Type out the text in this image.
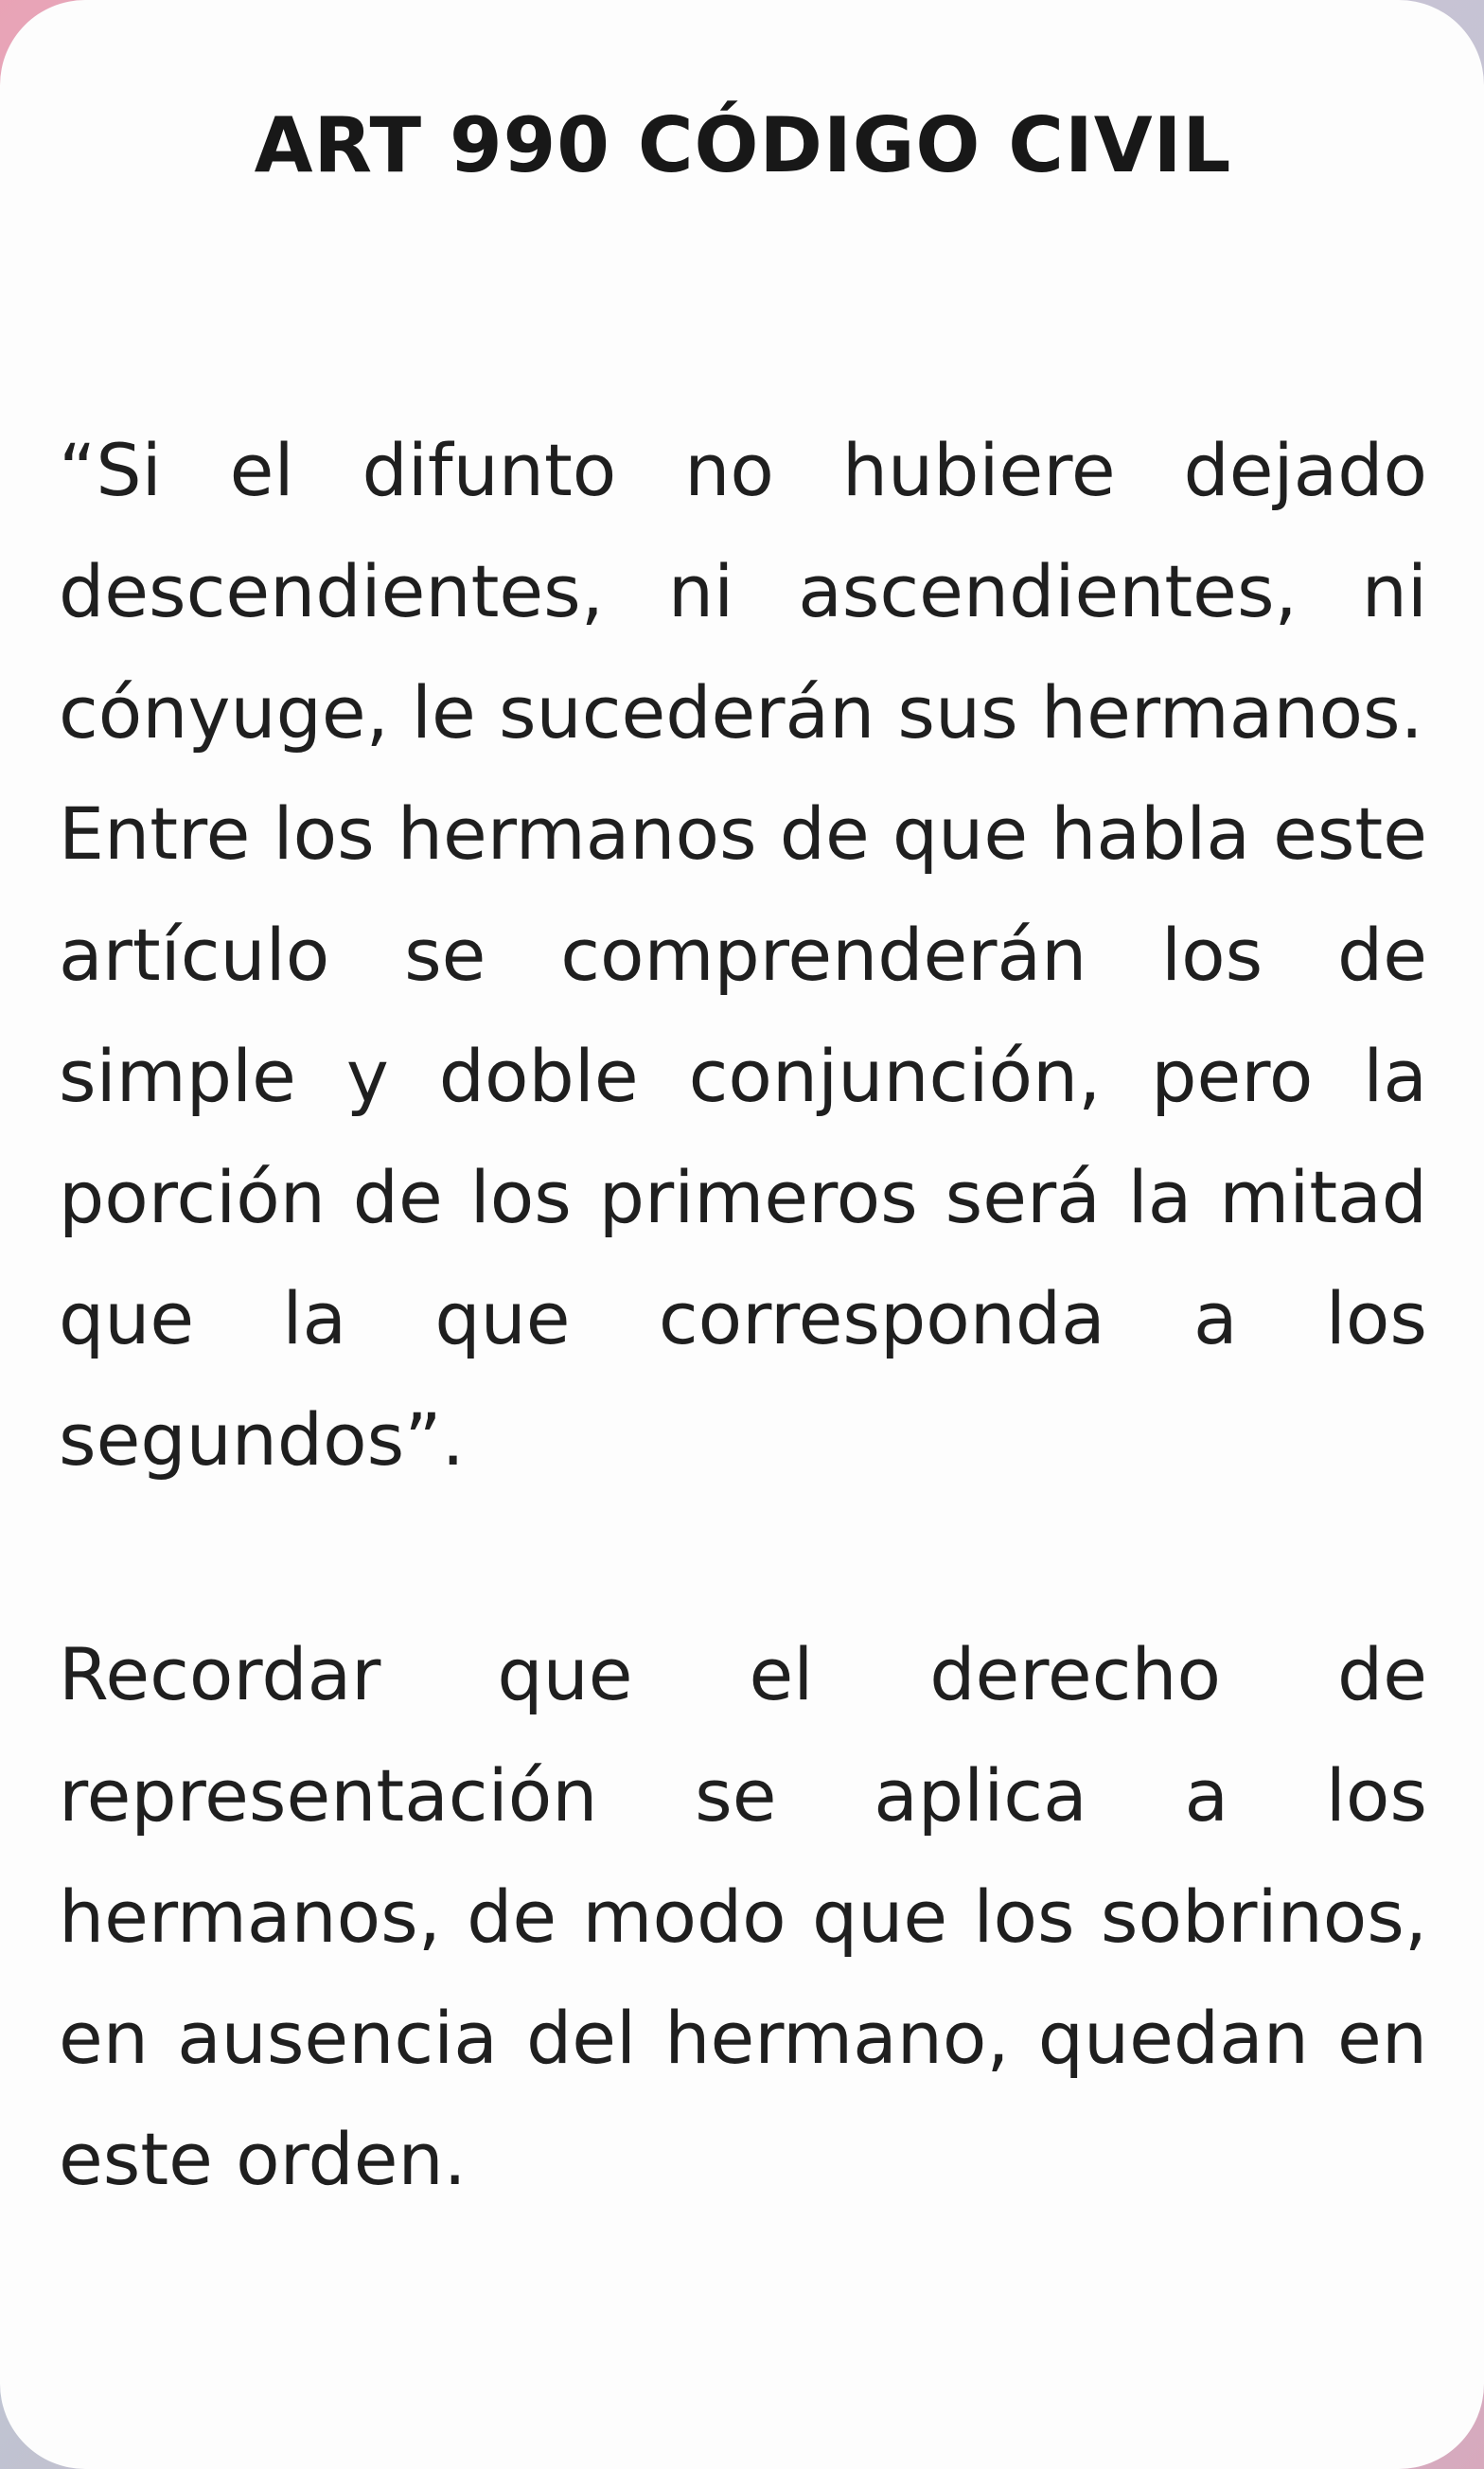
ART 990 CÓDIGO CIVIL

“Si el difunto no hubiere dejado descendientes, ni ascendientes, ni cónyuge, le sucederán sus hermanos.

Entre los hermanos de que habla este artículo se comprenderán los de simple y doble conjunción, pero la porción de los primeros será la mitad que la que corresponda a los segundos”.

Recordar que el derecho de representación se aplica a los hermanos, de modo que los sobrinos, en ausencia del hermano, quedan en este orden.
